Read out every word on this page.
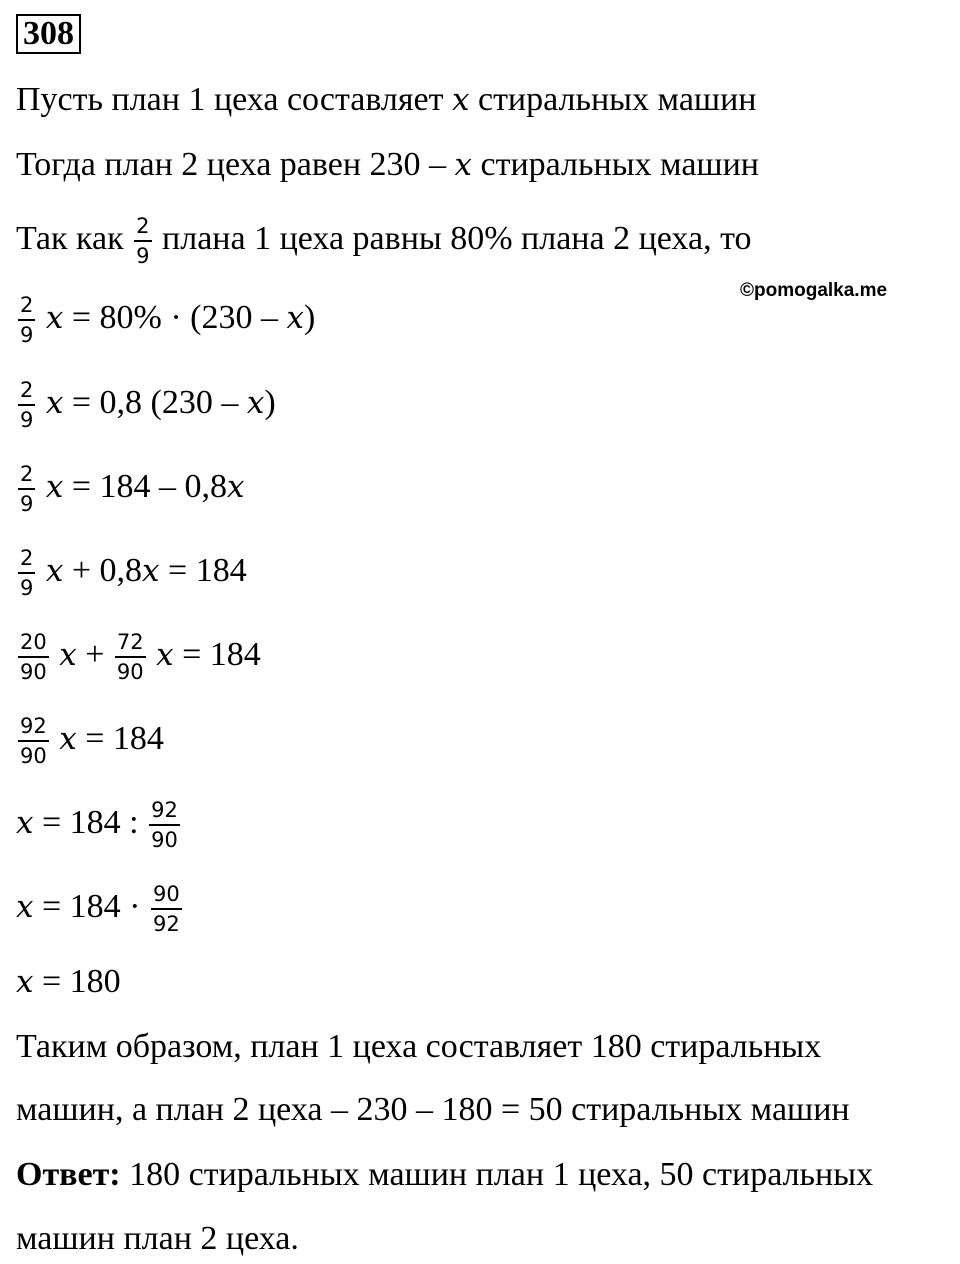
308
©pomogalka.me
Пусть план 1 цеха составляет x стиральных машин
Тогда план 2 цеха равен 230 – x стиральных машин
Так как $\frac{2}{9}$ плана 1 цеха равны 80% плана 2 цеха, то
$\frac{2}{9}$ x = 80% · (230 – x)
$\frac{2}{9}$ x = 0,8 (230 – x)
$\frac{2}{9}$ x = 184 – 0,8x
$\frac{2}{9}$ x + 0,8x = 184
$\frac{20}{90}$ $x + \frac{72}{90}$ x = 184
$\frac{92}{90}$ x = 184
x = 184 : $\frac{92}{90}$
$x = 184 \cdot \frac{90}{92}$
x = 180
Таким образом, план 1 цеха составляет 180 стиральных
машин, а план 2 цеха – 230 – 180 = 50 стиральных машин
Ответ: 180 стиральных машин план 1 цеха, 50 стиральных
машин план 2 цеха.
